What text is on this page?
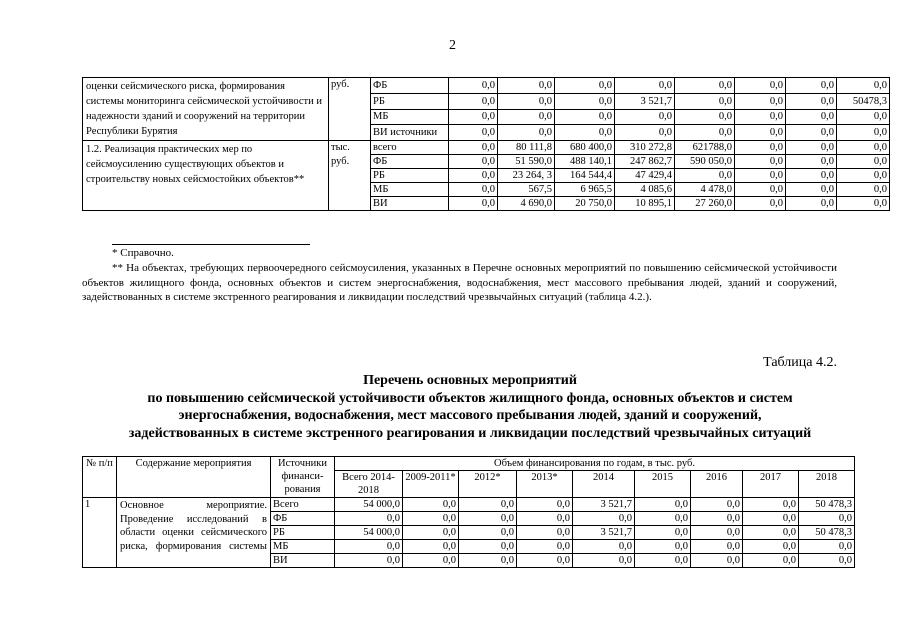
2
оценки сейсмического риска, формирования системы мониторинга сейсмической устойчивости и надежности зданий и сооружений на территории Республики Бурятия	руб.	ФБ	0,0	0,0	0,0	0,0	0,0	0,0	0,0	0,0
		РБ	0,0	0,0	0,0	3 521,7	0,0	0,0	0,0	50478,3
		МБ	0,0	0,0	0,0	0,0	0,0	0,0	0,0	0,0
		ВИ источники	0,0	0,0	0,0	0,0	0,0	0,0	0,0	0,0
1.2. Реализация практических мер по сейсмоусилению существующих объектов и строительству новых сейсмостойких объектов**	тыс. руб.	всего	0,0	80 111,8	680 400,0	310 272,8	621788,0	0,0	0,0	0,0
		ФБ	0,0	51 590,0	488 140,1	247 862,7	590 050,0	0,0	0,0	0,0
		РБ	0,0	23 264, 3	164 544,4	47 429,4	0,0	0,0	0,0	0,0
		МБ	0,0	567,5	6 965,5	4 085,6	4 478,0	0,0	0,0	0,0
		ВИ	0,0	4 690,0	20 750,0	10 895,1	27 260,0	0,0	0,0	0,0
* Справочно.
** На объектах, требующих первоочередного сейсмоусиления, указанных в Перечне основных мероприятий по повышению сейсмической устойчивости объектов жилищного фонда, основных объектов и систем энергоснабжения, водоснабжения, мест массового пребывания людей, зданий и сооружений, задействованных в системе экстренного реагирования и ликвидации последствий чрезвычайных ситуаций (таблица 4.2.).
Таблица 4.2.
Перечень основных мероприятий
по повышению сейсмической устойчивости объектов жилищного фонда, основных объектов и систем
энергоснабжения, водоснабжения, мест массового пребывания людей, зданий и сооружений,
задействованных в системе экстренного реагирования и ликвидации последствий чрезвычайных ситуаций
№ п/п	Содержание мероприятия	Источники финанси-рования	Объем финансирования по годам, в тыс. руб.								
			Всего 2014-2018	2009-2011*	2012*	2013*	2014	2015	2016	2017	2018
1	Основное мероприятие. Проведение исследований в области оценки сейсмического риска, формирования системы	Всего	54 000,0	0,0	0,0	0,0	3 521,7	0,0	0,0	0,0	50 478,3
		ФБ	0,0	0,0	0,0	0,0	0,0	0,0	0,0	0,0	0,0
		РБ	54 000,0	0,0	0,0	0,0	3 521,7	0,0	0,0	0,0	50 478,3
		МБ	0,0	0,0	0,0	0,0	0,0	0,0	0,0	0,0	0,0
		ВИ	0,0	0,0	0,0	0,0	0,0	0,0	0,0	0,0	0,0
